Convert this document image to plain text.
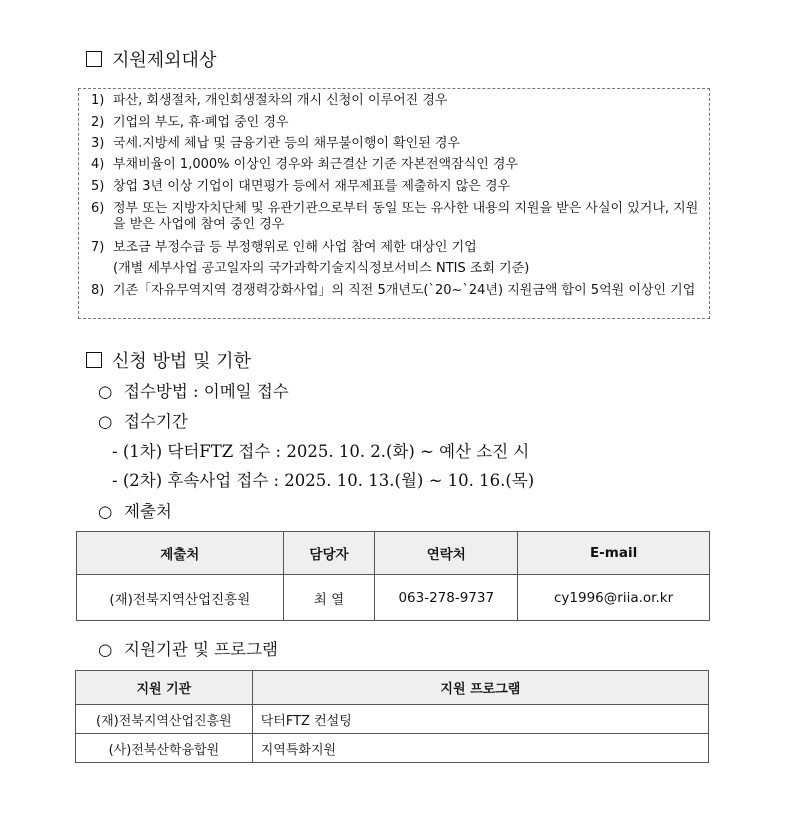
지원제외대상
1) 파산, 회생절차, 개인회생절차의 개시 신청이 이루어진 경우
2) 기업의 부도, 휴·폐업 중인 경우
3) 국세.지방세 체납 및 금융기관 등의 채무불이행이 확인된 경우
4) 부채비율이 1,000% 이상인 경우와 최근결산 기준 자본전액잠식인 경우
5) 창업 3년 이상 기업이 대면평가 등에서 재무제표를 제출하지 않은 경우
6) 정부 또는 지방자치단체 및 유관기관으로부터 동일 또는 유사한 내용의 지원을 받은 사실이 있거나, 지원을 받은 사업에 참여 중인 경우
7) 보조금 부정수급 등 부정행위로 인해 사업 참여 제한 대상인 기업
(개별 세부사업 공고일자의 국가과학기술지식정보서비스 NTIS 조회 기준)
8) 기존「자유무역지역 경쟁력강화사업」의 직전 5개년도(`20~`24년) 지원금액 합이 5억원 이상인 기업
신청 방법 및 기한
○ 접수방법 : 이메일 접수
○ 접수기간
- (1차) 닥터FTZ 접수 : 2025. 10. 2.(화) ~ 예산 소진 시
- (2차) 후속사업 접수 : 2025. 10. 13.(월) ~ 10. 16.(목)
○ 제출처
제출처	담당자	연락처	E-mail
(재)전북지역산업진흥원	최 열	063-278-9737	cy1996@riia.or.kr
○ 지원기관 및 프로그램
지원 기관	지원 프로그램
(재)전북지역산업진흥원	닥터FTZ 컨설팅
(사)전북산학융합원	지역특화지원
